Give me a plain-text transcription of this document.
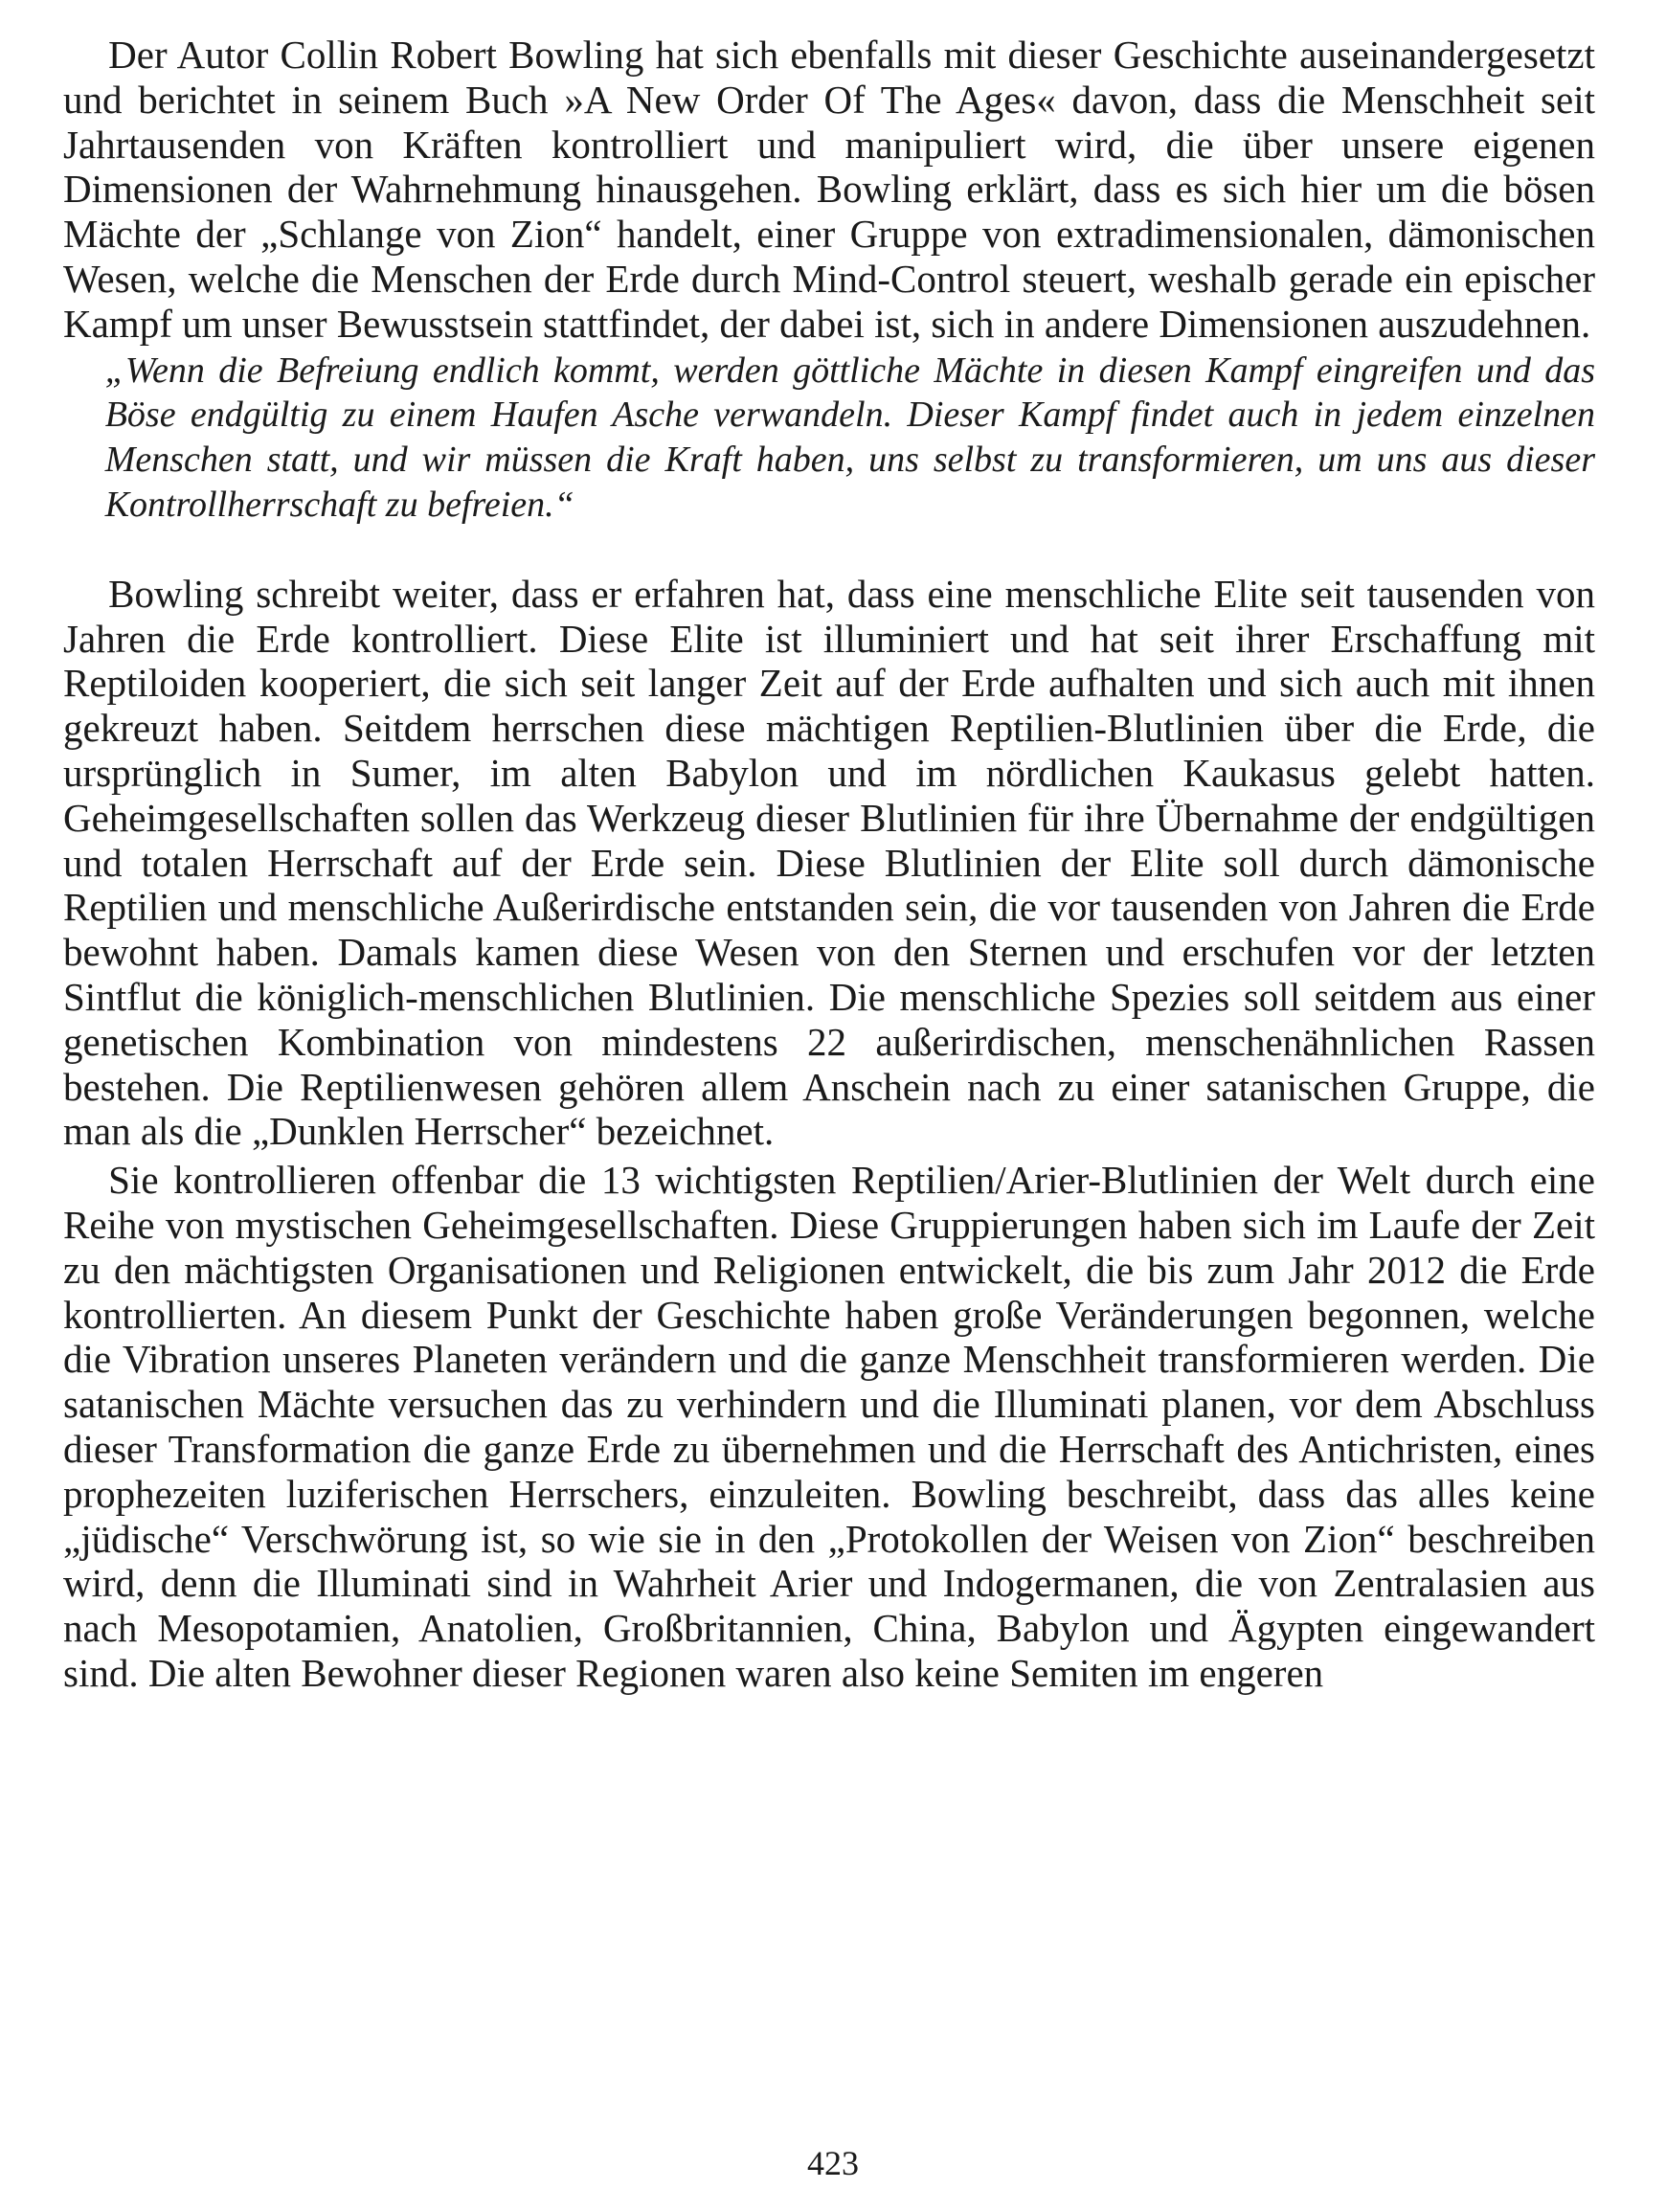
Der Autor Collin Robert Bowling hat sich ebenfalls mit dieser Geschichte auseinandergesetzt und berichtet in seinem Buch »A New Order Of The Ages« davon, dass die Menschheit seit Jahrtausenden von Kräften kontrolliert und manipuliert wird, die über unsere eigenen Dimensionen der Wahrnehmung hinausgehen. Bowling erklärt, dass es sich hier um die bösen Mächte der „Schlange von Zion“ handelt, einer Gruppe von extradimensionalen, dämonischen Wesen, welche die Menschen der Erde durch Mind-Control steuert, weshalb gerade ein epischer Kampf um unser Bewusstsein stattfindet, der dabei ist, sich in andere Dimensionen auszudehnen.

„Wenn die Befreiung endlich kommt, werden göttliche Mächte in diesen Kampf eingreifen und das Böse endgültig zu einem Haufen Asche verwandeln. Dieser Kampf findet auch in jedem einzelnen Menschen statt, und wir müssen die Kraft haben, uns selbst zu transformieren, um uns aus dieser Kontrollherrschaft zu befreien.“

Bowling schreibt weiter, dass er erfahren hat, dass eine menschliche Elite seit tausenden von Jahren die Erde kontrolliert. Diese Elite ist illuminiert und hat seit ihrer Erschaffung mit Reptiloiden kooperiert, die sich seit langer Zeit auf der Erde aufhalten und sich auch mit ihnen gekreuzt haben. Seitdem herrschen diese mächtigen Reptilien-Blutlinien über die Erde, die ursprünglich in Sumer, im alten Babylon und im nördlichen Kaukasus gelebt hatten. Geheimgesellschaften sollen das Werkzeug dieser Blutlinien für ihre Übernahme der endgültigen und totalen Herrschaft auf der Erde sein. Diese Blutlinien der Elite soll durch dämonische Reptilien und menschliche Außerirdische entstanden sein, die vor tausenden von Jahren die Erde bewohnt haben. Damals kamen diese Wesen von den Sternen und erschufen vor der letzten Sintflut die königlich-menschlichen Blutlinien. Die menschliche Spezies soll seitdem aus einer genetischen Kombination von mindestens 22 außerirdischen, menschenähnlichen Rassen bestehen. Die Reptilienwesen gehören allem Anschein nach zu einer satanischen Gruppe, die man als die „Dunklen Herrscher“ bezeichnet.

Sie kontrollieren offenbar die 13 wichtigsten Reptilien/Arier-Blutlinien der Welt durch eine Reihe von mystischen Geheimgesellschaften. Diese Gruppierungen haben sich im Laufe der Zeit zu den mächtigsten Organisationen und Religionen entwickelt, die bis zum Jahr 2012 die Erde kontrollierten. An diesem Punkt der Geschichte haben große Veränderungen begonnen, welche die Vibration unseres Planeten verändern und die ganze Menschheit transformieren werden. Die satanischen Mächte versuchen das zu verhindern und die Illuminati planen, vor dem Abschluss dieser Transformation die ganze Erde zu übernehmen und die Herrschaft des Antichristen, eines prophezeiten luziferischen Herrschers, einzuleiten. Bowling beschreibt, dass das alles keine „jüdische“ Verschwörung ist, so wie sie in den „Protokollen der Weisen von Zion“ beschreiben wird, denn die Illuminati sind in Wahrheit Arier und Indogermanen, die von Zentralasien aus nach Mesopotamien, Anatolien, Großbritannien, China, Babylon und Ägypten eingewandert sind. Die alten Bewohner dieser Regionen waren also keine Semiten im engeren

423
